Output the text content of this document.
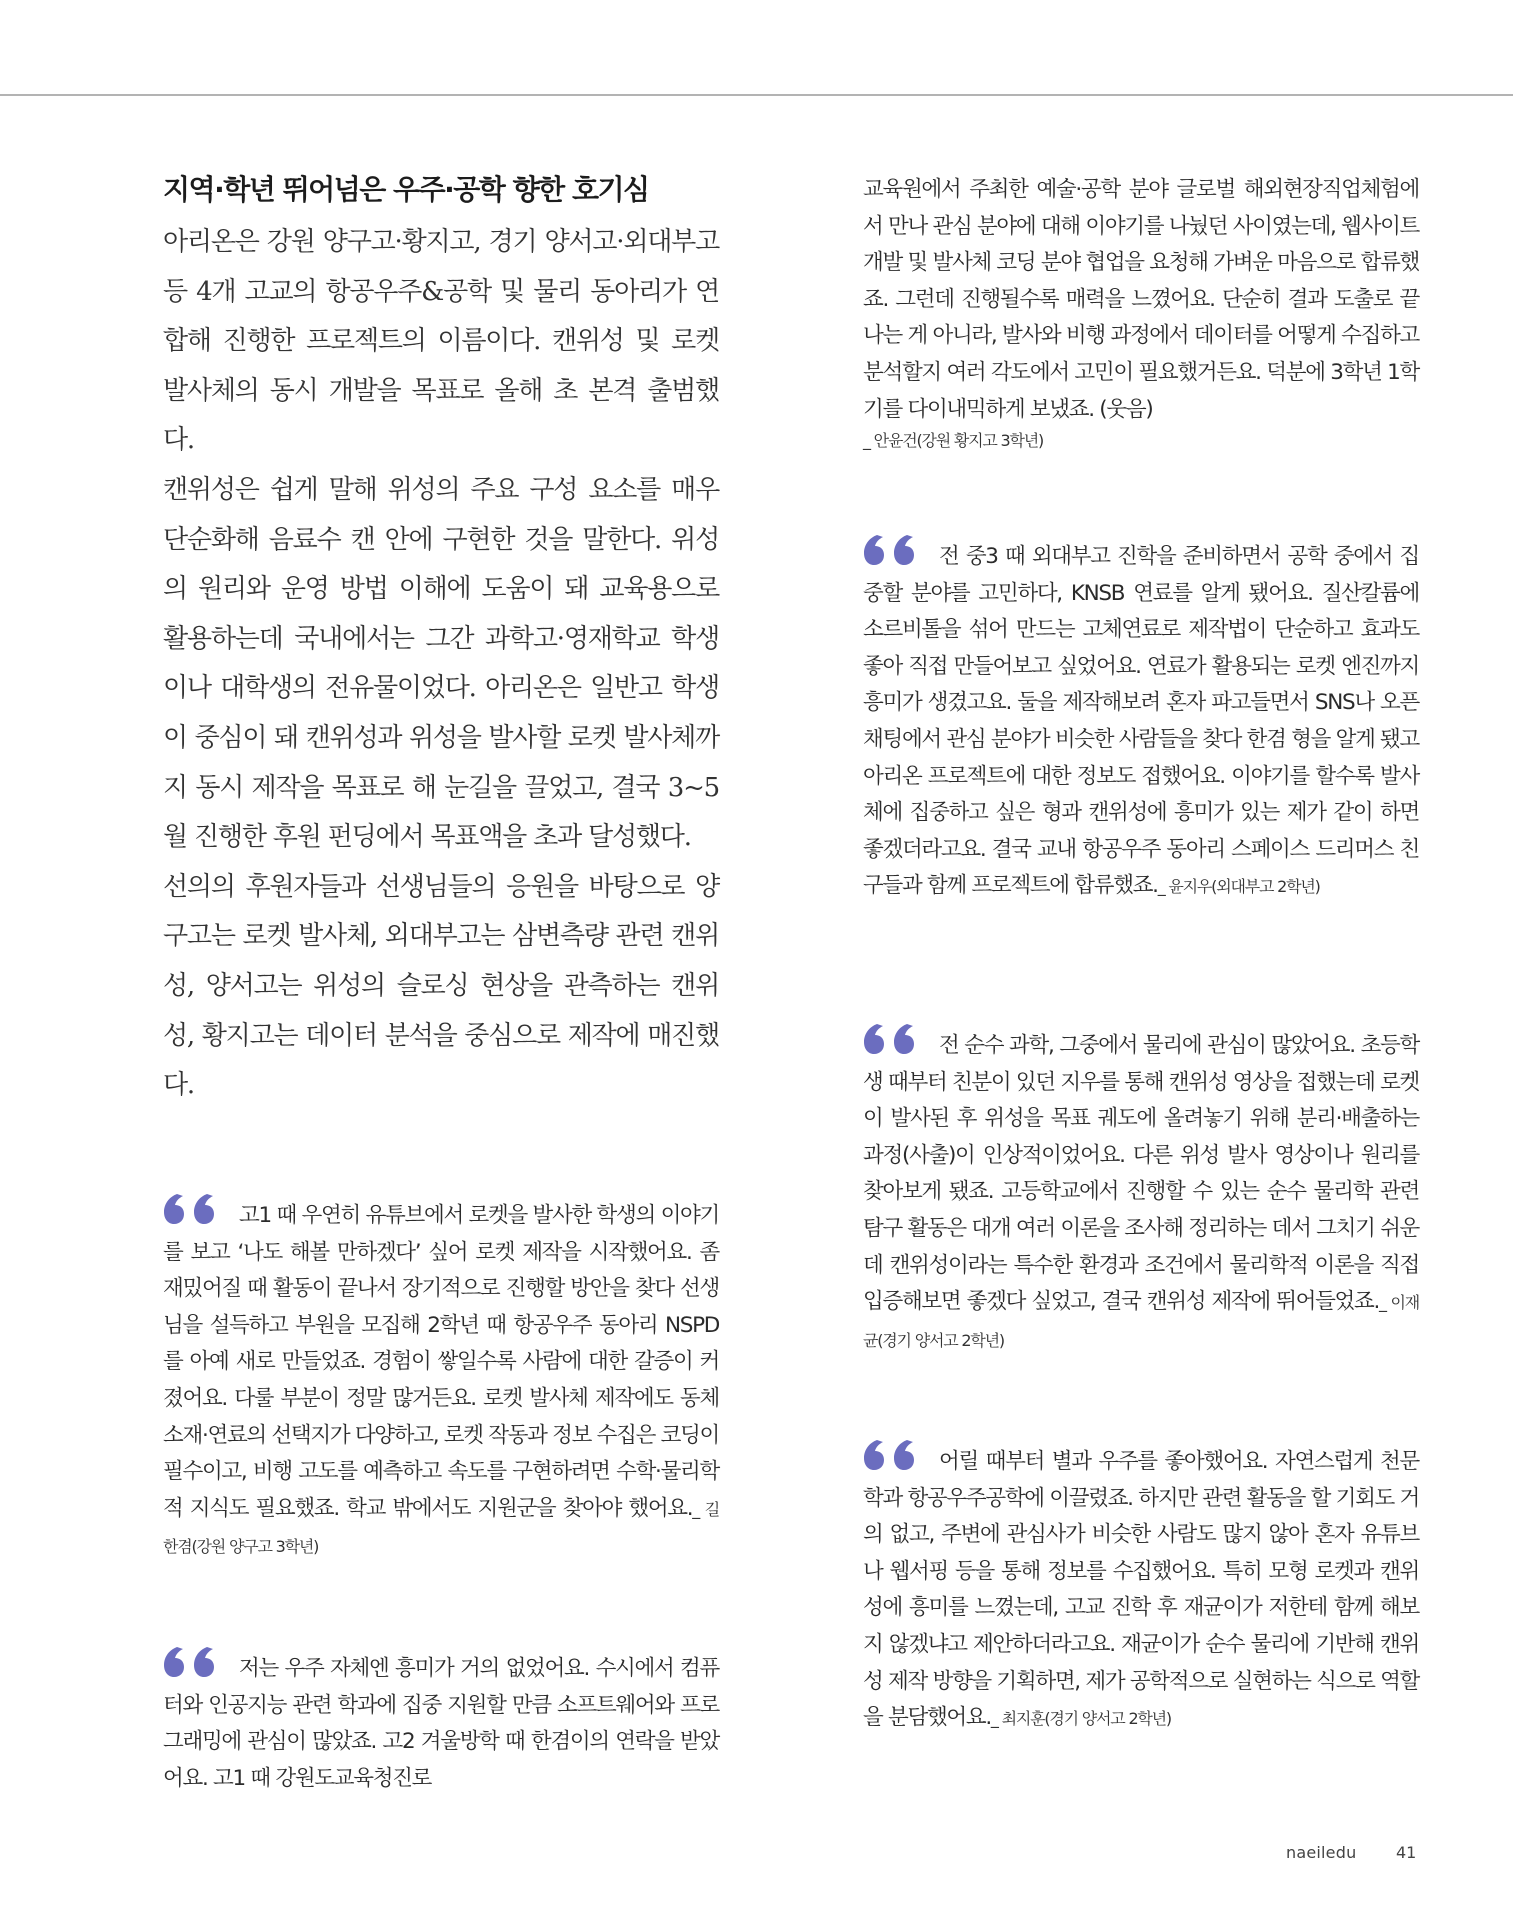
지역·학년 뛰어넘은 우주·공학 향한 호기심

아리온은 강원 양구고·황지고, 경기 양서고·외대부고 등 4개 고교의 항공우주&공학 및 물리 동아리가 연합해 진행한 프로젝트의 이름이다. 캔위성 및 로켓 발사체의 동시 개발을 목표로 올해 초 본격 출범했다.

캔위성은 쉽게 말해 위성의 주요 구성 요소를 매우 단순화해 음료수 캔 안에 구현한 것을 말한다. 위성의 원리와 운영 방법 이해에 도움이 돼 교육용으로 활용하는데 국내에서는 그간 과학고·영재학교 학생이나 대학생의 전유물이었다. 아리온은 일반고 학생이 중심이 돼 캔위성과 위성을 발사할 로켓 발사체까지 동시 제작을 목표로 해 눈길을 끌었고, 결국 3~5월 진행한 후원 펀딩에서 목표액을 초과 달성했다.

선의의 후원자들과 선생님들의 응원을 바탕으로 양구고는 로켓 발사체, 외대부고는 삼변측량 관련 캔위성, 양서고는 위성의 슬로싱 현상을 관측하는 캔위성, 황지고는 데이터 분석을 중심으로 제작에 매진했다.

고1 때 우연히 유튜브에서 로켓을 발사한 학생의 이야기를 보고 ‘나도 해볼 만하겠다’ 싶어 로켓 제작을 시작했어요. 좀 재밌어질 때 활동이 끝나서 장기적으로 진행할 방안을 찾다 선생님을 설득하고 부원을 모집해 2학년 때 항공우주 동아리 NSPD를 아예 새로 만들었죠. 경험이 쌓일수록 사람에 대한 갈증이 커졌어요. 다룰 부분이 정말 많거든요. 로켓 발사체 제작에도 동체 소재·연료의 선택지가 다양하고, 로켓 작동과 정보 수집은 코딩이 필수이고, 비행 고도를 예측하고 속도를 구현하려면 수학·물리학적 지식도 필요했죠. 학교 밖에서도 지원군을 찾아야 했어요._ 길한겸(강원 양구고 3학년)
저는 우주 자체엔 흥미가 거의 없었어요. 수시에서 컴퓨터와 인공지능 관련 학과에 집중 지원할 만큼 소프트웨어와 프로그래밍에 관심이 많았죠. 고2 겨울방학 때 한겸이의 연락을 받았어요. 고1 때 강원도교육청진로
교육원에서 주최한 예술·공학 분야 글로벌 해외현장직업체험에서 만나 관심 분야에 대해 이야기를 나눴던 사이였는데, 웹사이트 개발 및 발사체 코딩 분야 협업을 요청해 가벼운 마음으로 합류했죠. 그런데 진행될수록 매력을 느꼈어요. 단순히 결과 도출로 끝나는 게 아니라, 발사와 비행 과정에서 데이터를 어떻게 수집하고 분석할지 여러 각도에서 고민이 필요했거든요. 덕분에 3학년 1학기를 다이내믹하게 보냈죠. (웃음)
_ 안윤건(강원 황지고 3학년)
전 중3 때 외대부고 진학을 준비하면서 공학 중에서 집중할 분야를 고민하다, KNSB 연료를 알게 됐어요. 질산칼륨에 소르비톨을 섞어 만드는 고체연료로 제작법이 단순하고 효과도 좋아 직접 만들어보고 싶었어요. 연료가 활용되는 로켓 엔진까지 흥미가 생겼고요. 둘을 제작해보려 혼자 파고들면서 SNS나 오픈채팅에서 관심 분야가 비슷한 사람들을 찾다 한겸 형을 알게 됐고 아리온 프로젝트에 대한 정보도 접했어요. 이야기를 할수록 발사체에 집중하고 싶은 형과 캔위성에 흥미가 있는 제가 같이 하면 좋겠더라고요. 결국 교내 항공우주 동아리 스페이스 드리머스 친구들과 함께 프로젝트에 합류했죠._ 윤지우(외대부고 2학년)
전 순수 과학, 그중에서 물리에 관심이 많았어요. 초등학생 때부터 친분이 있던 지우를 통해 캔위성 영상을 접했는데 로켓이 발사된 후 위성을 목표 궤도에 올려놓기 위해 분리·배출하는 과정(사출)이 인상적이었어요. 다른 위성 발사 영상이나 원리를 찾아보게 됐죠. 고등학교에서 진행할 수 있는 순수 물리학 관련 탐구 활동은 대개 여러 이론을 조사해 정리하는 데서 그치기 쉬운데 캔위성이라는 특수한 환경과 조건에서 물리학적 이론을 직접 입증해보면 좋겠다 싶었고, 결국 캔위성 제작에 뛰어들었죠._ 이재균(경기 양서고 2학년)
어릴 때부터 별과 우주를 좋아했어요. 자연스럽게 천문학과 항공우주공학에 이끌렸죠. 하지만 관련 활동을 할 기회도 거의 없고, 주변에 관심사가 비슷한 사람도 많지 않아 혼자 유튜브나 웹서핑 등을 통해 정보를 수집했어요. 특히 모형 로켓과 캔위성에 흥미를 느꼈는데, 고교 진학 후 재균이가 저한테 함께 해보지 않겠냐고 제안하더라고요. 재균이가 순수 물리에 기반해 캔위성 제작 방향을 기획하면, 제가 공학적으로 실현하는 식으로 역할을 분담했어요._ 최지훈(경기 양서고 2학년)
naeiledu 41
